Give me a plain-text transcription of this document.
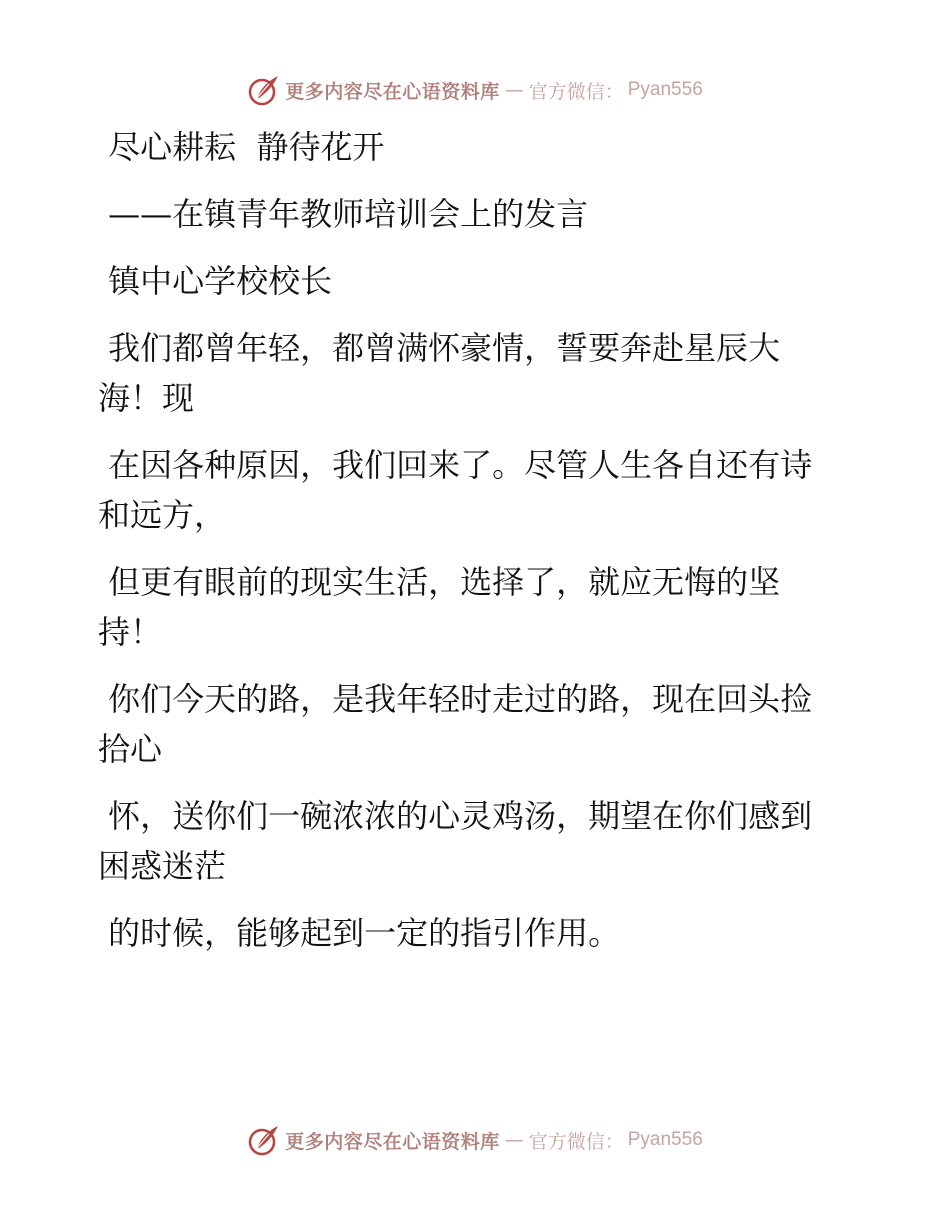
更多内容尽在心语资料库 — 官方微信： Pyan556
尽心耕耘  静待花开
——在镇青年教师培训会上的发言
镇中心学校校长
我们都曾年轻，都曾满怀豪情，誓要奔赴星辰大海！现
在因各种原因，我们回来了。尽管人生各自还有诗和远方，
但更有眼前的现实生活，选择了，就应无悔的坚持！
你们今天的路，是我年轻时走过的路，现在回头捡拾心
怀，送你们一碗浓浓的心灵鸡汤，期望在你们感到困惑迷茫
的时候，能够起到一定的指引作用。
更多内容尽在心语资料库 — 官方微信： Pyan556
